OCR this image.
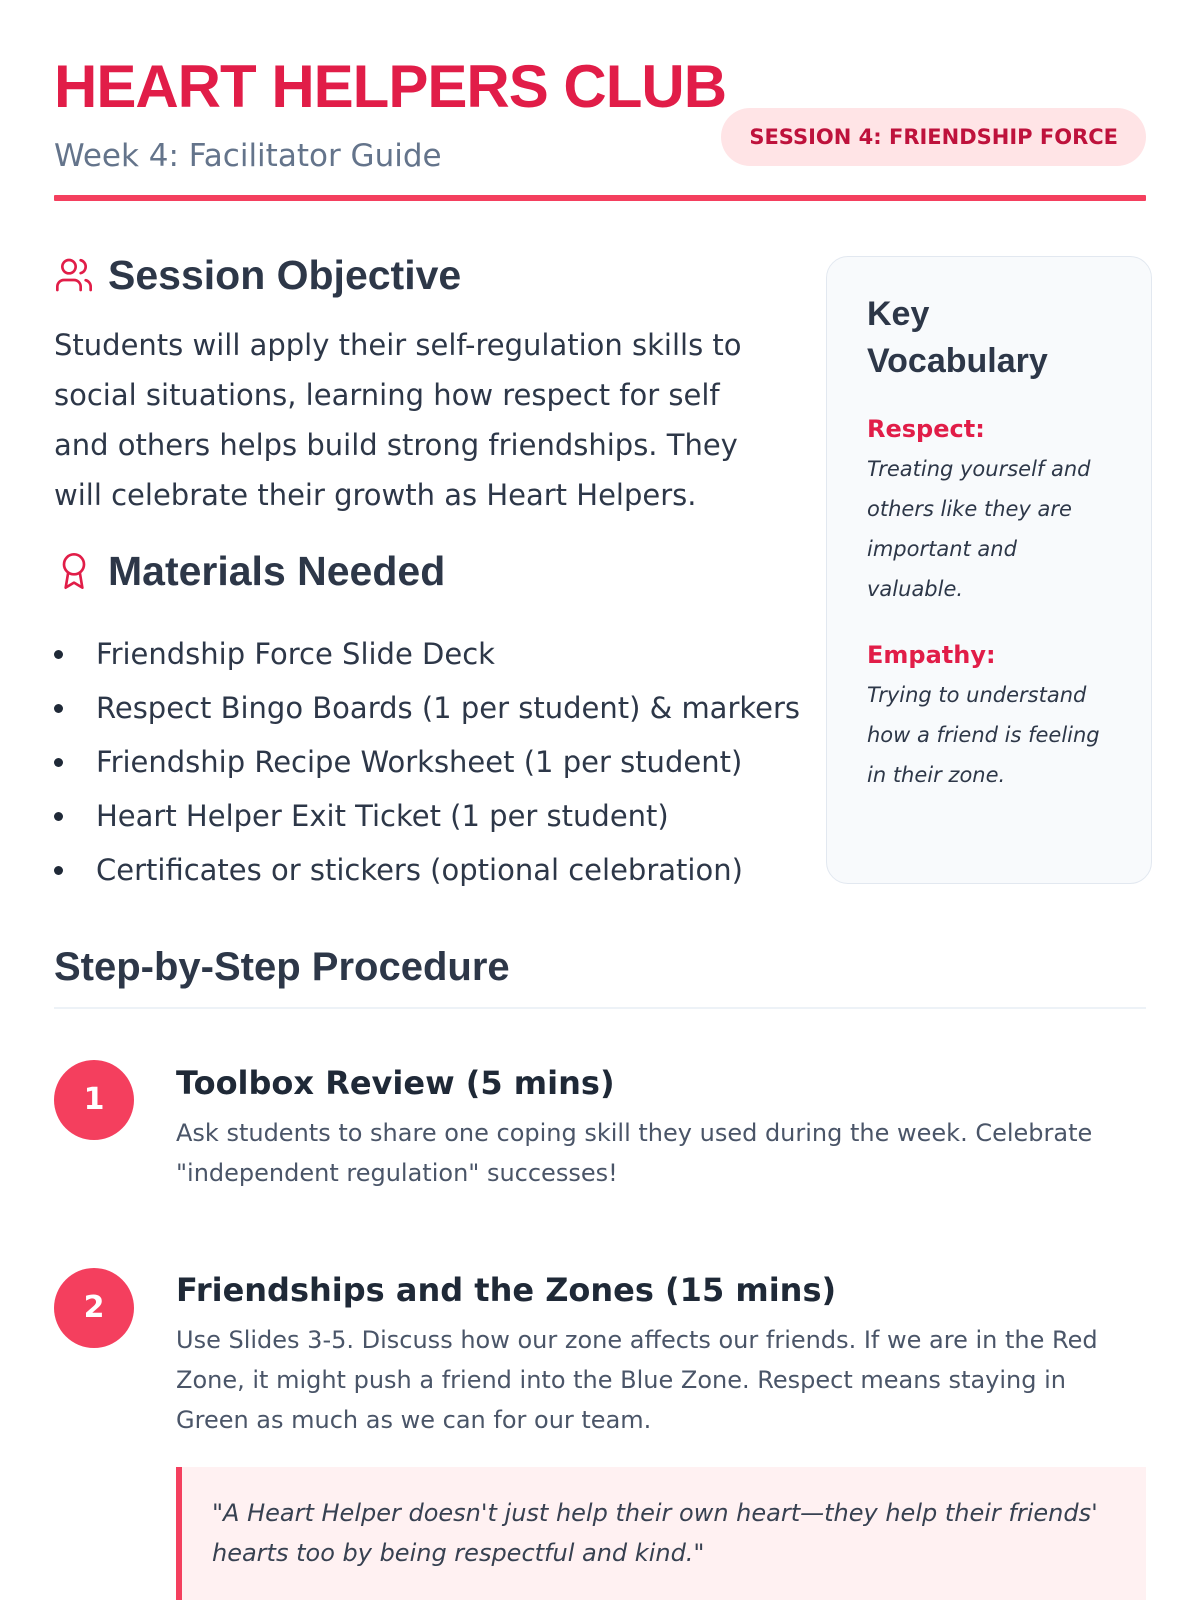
HEART HELPERS CLUB
Week 4: Facilitator Guide
SESSION 4: FRIENDSHIP FORCE
Session Objective

Students will apply their self-regulation skills to social situations, learning how respect for self and others helps build strong friendships. They will celebrate their growth as Heart Helpers.

Materials Needed
Friendship Force Slide Deck
Respect Bingo Boards (1 per student) & markers
Friendship Recipe Worksheet (1 per student)
Heart Helper Exit Ticket (1 per student)
Certificates or stickers (optional celebration)
Key Vocabulary
Respect:
Treating yourself and others like they are important and valuable.
Empathy:
Trying to understand how a friend is feeling in their zone.
Step-by-Step Procedure
1	Toolbox Review (5 mins)

Ask students to share one coping skill they used during the week. Celebrate "independent regulation" successes!

2	Friendships and the Zones (15 mins)

Use Slides 3-5. Discuss how our zone affects our friends. If we are in the Red Zone, it might push a friend into the Blue Zone. Respect means staying in Green as much as we can for our team.

"A Heart Helper doesn't just help their own heart—they help their friends' hearts too by being respectful and kind."
